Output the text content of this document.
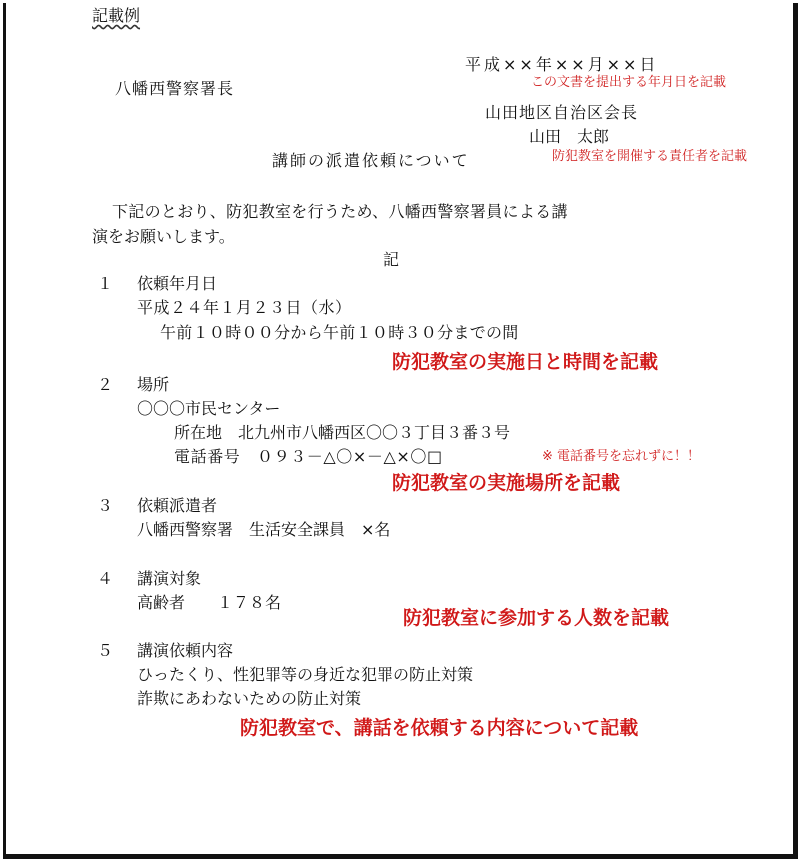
記載例
平成××年××月××日
この文書を提出する年月日を記載
八幡西警察署長
山田地区自治区会長
山田　太郎
講師の派遣依頼について	防犯教室を開催する責任者を記載
下記のとおり、防犯教室を行うため、八幡西警察署員による講
演をお願いします。
記
１ 依頼年月日
平成２４年１月２３日（水）
午前１０時００分から午前１０時３０分までの間
防犯教室の実施日と時間を記載
２ 場所
〇〇〇市民センター
所在地　北九州市八幡西区〇〇３丁目３番３号
電話番号　０９３－△〇×－△×〇□	※ 電話番号を忘れずに！！
防犯教室の実施場所を記載
３ 依頼派遣者
八幡西警察署　生活安全課員　×名
４ 講演対象
高齢者　　１７８名
防犯教室に参加する人数を記載
５ 講演依頼内容
ひったくり、性犯罪等の身近な犯罪の防止対策
詐欺にあわないための防止対策
防犯教室で、講話を依頼する内容について記載
